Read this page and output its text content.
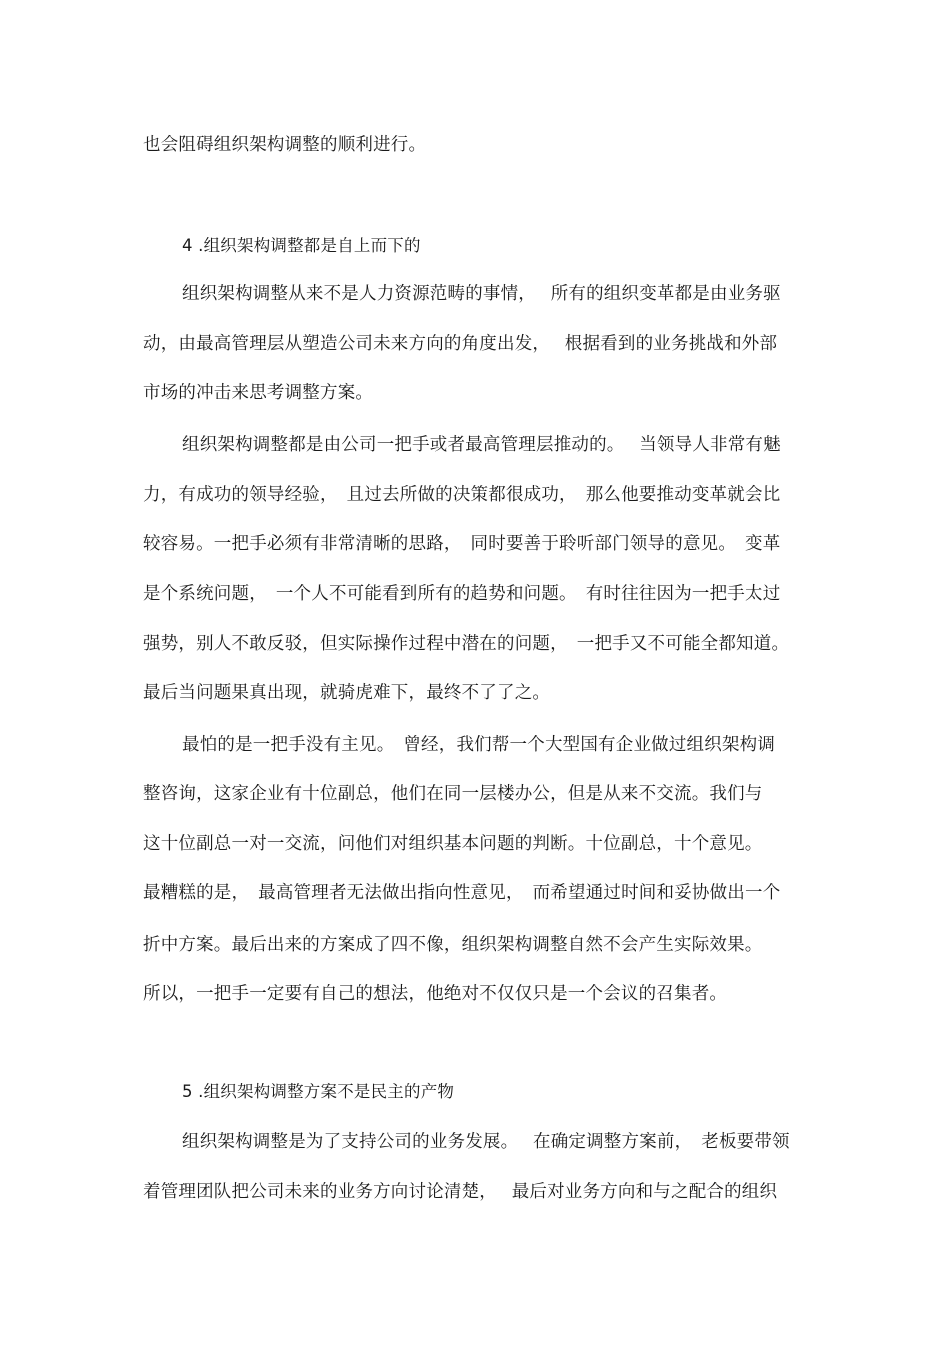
也会阻碍组织架构调整的顺利进行。
4 .组织架构调整都是自上而下的
组织架构调整从来不是人力资源范畴的事情，　 所有的组织变革都是由业务驱
动，由最高管理层从塑造公司未来方向的角度出发，　 根据看到的业务挑战和外部
市场的冲击来思考调整方案。
组织架构调整都是由公司一把手或者最高管理层推动的。　 当领导人非常有魅
力，有成功的领导经验，　且过去所做的决策都很成功，　那么他要推动变革就会比
较容易。一把手必须有非常清晰的思路，　同时要善于聆听部门领导的意见。　变革
是个系统问题，　一个人不可能看到所有的趋势和问题。　有时往往因为一把手太过
强势，别人不敢反驳，但实际操作过程中潜在的问题，　一把手又不可能全都知道。
最后当问题果真出现，就骑虎难下，最终不了了之。
最怕的是一把手没有主见。　曾经，我们帮一个大型国有企业做过组织架构调
整咨询，这家企业有十位副总，他们在同一层楼办公，但是从来不交流。我们与
这十位副总一对一交流，问他们对组织基本问题的判断。十位副总，十个意见。
最糟糕的是，　最高管理者无法做出指向性意见，　而希望通过时间和妥协做出一个
折中方案。最后出来的方案成了四不像，组织架构调整自然不会产生实际效果。
所以，一把手一定要有自己的想法，他绝对不仅仅只是一个会议的召集者。
5 .组织架构调整方案不是民主的产物
组织架构调整是为了支持公司的业务发展。　 在确定调整方案前，　老板要带领
着管理团队把公司未来的业务方向讨论清楚，　 最后对业务方向和与之配合的组织
